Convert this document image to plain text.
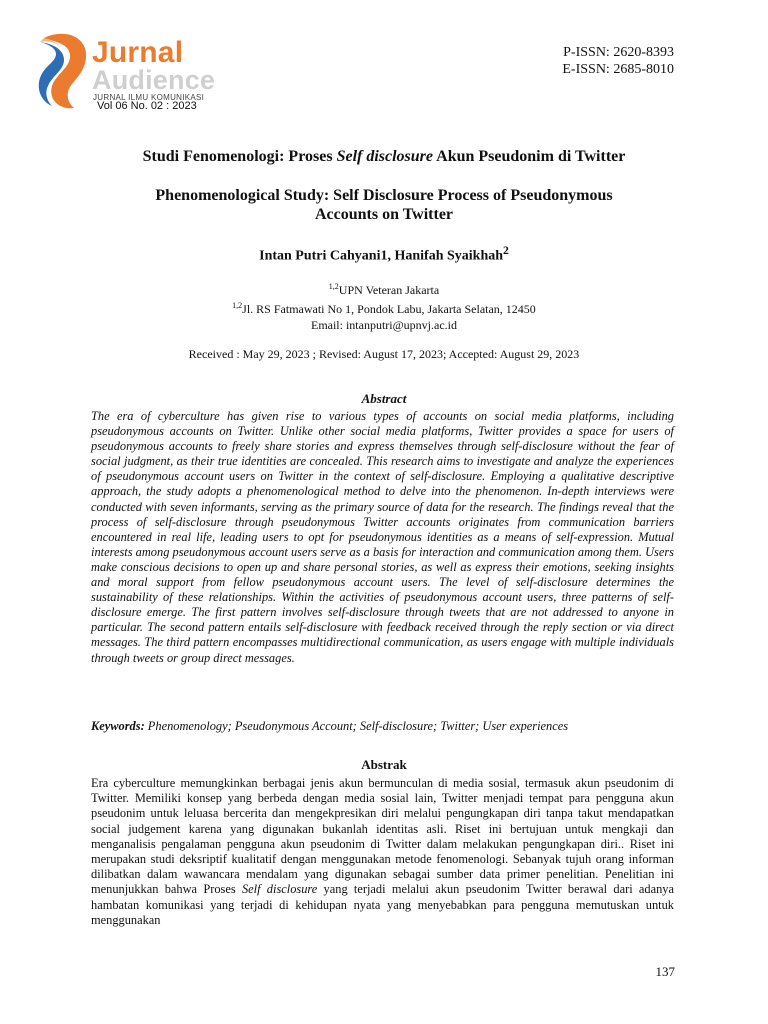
Jurnal
Audience
JURNAL ILMU KOMUNIKASI
Vol 06 No. 02 : 2023
P-ISSN: 2620-8393
E-ISSN: 2685-8010
Studi Fenomenologi: Proses Self disclosure Akun Pseudonim di Twitter
Phenomenological Study: Self Disclosure Process of Pseudonymous
Accounts on Twitter
Intan Putri Cahyani1, Hanifah Syaikhah$^2$
$^{1,2}$UPN Veteran Jakarta
$^{1,2}$Jl. RS Fatmawati No 1, Pondok Labu, Jakarta Selatan, 12450
Email: intanputri@upnvj.ac.id
Received : May 29, 2023 ; Revised: August 17, 2023; Accepted: August 29, 2023
Abstract

The era of cyberculture has given rise to various types of accounts on social media platforms, including pseudonymous accounts on Twitter. Unlike other social media platforms, Twitter provides a space for users of pseudonymous accounts to freely share stories and express themselves through self-disclosure without the fear of social judgment, as their true identities are concealed. This research aims to investigate and analyze the experiences of pseudonymous account users on Twitter in the context of self-disclosure. Employing a qualitative descriptive approach, the study adopts a phenomenological method to delve into the phenomenon. In-depth interviews were conducted with seven informants, serving as the primary source of data for the research. The findings reveal that the process of self-disclosure through pseudonymous Twitter accounts originates from communication barriers encountered in real life, leading users to opt for pseudonymous identities as a means of self-expression. Mutual interests among pseudonymous account users serve as a basis for interaction and communication among them. Users make conscious decisions to open up and share personal stories, as well as express their emotions, seeking insights and moral support from fellow pseudonymous account users. The level of self-disclosure determines the sustainability of these relationships. Within the activities of pseudonymous account users, three patterns of self-disclosure emerge. The first pattern involves self-disclosure through tweets that are not addressed to anyone in particular. The second pattern entails self-disclosure with feedback received through the reply section or via direct messages. The third pattern encompasses multidirectional communication, as users engage with multiple individuals through tweets or group direct messages.

Keywords: Phenomenology; Pseudonymous Account; Self-disclosure; Twitter; User experiences
Abstrak

Era cyberculture memungkinkan berbagai jenis akun bermunculan di media sosial, termasuk akun pseudonim di Twitter. Memiliki konsep yang berbeda dengan media sosial lain, Twitter menjadi tempat para pengguna akun pseudonim untuk leluasa bercerita dan mengekpresikan diri melalui pengungkapan diri tanpa takut mendapatkan social judgement karena yang digunakan bukanlah identitas asli. Riset ini bertujuan untuk mengkaji dan menganalisis pengalaman pengguna akun pseudonim di Twitter dalam melakukan pengungkapan diri.. Riset ini merupakan studi deksriptif kualitatif dengan menggunakan metode fenomenologi. Sebanyak tujuh orang informan dilibatkan dalam wawancara mendalam yang digunakan sebagai sumber data primer penelitian. Penelitian ini menunjukkan bahwa Proses Self disclosure yang terjadi melalui akun pseudonim Twitter berawal dari adanya hambatan komunikasi yang terjadi di kehidupan nyata yang menyebabkan para pengguna memutuskan untuk menggunakan

137
